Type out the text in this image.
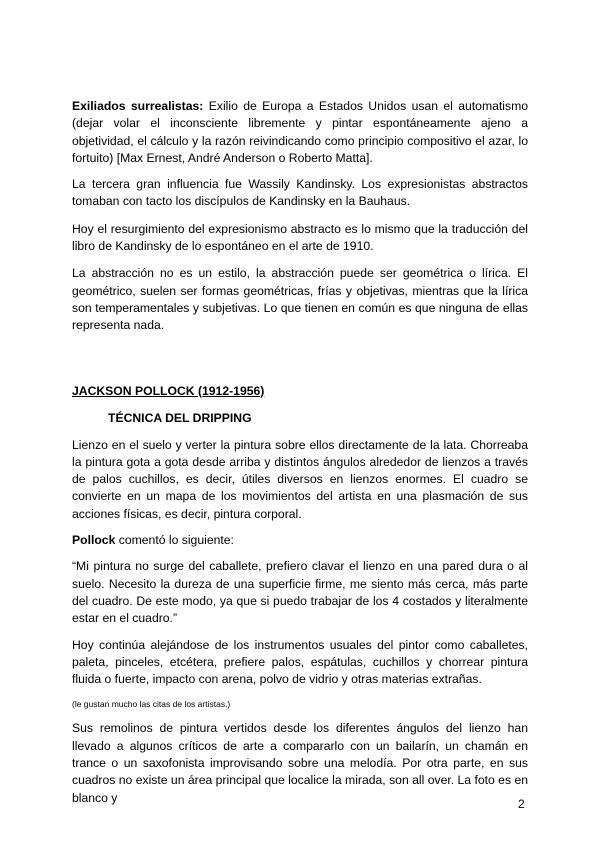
Exiliados surrealistas: Exilio de Europa a Estados Unidos usan el automatismo (dejar volar el inconsciente libremente y pintar espontáneamente ajeno a objetividad, el cálculo y la razón reivindicando como principio compositivo el azar, lo fortuito) [Max Ernest, André Anderson o Roberto Matta].

La tercera gran influencia fue Wassily Kandinsky. Los expresionistas abstractos tomaban con tacto los discípulos de Kandinsky en la Bauhaus.

Hoy el resurgimiento del expresionismo abstracto es lo mismo que la traducción del libro de Kandinsky de lo espontáneo en el arte de 1910.

La abstracción no es un estilo, la abstracción puede ser geométrica o lírica. El geométrico, suelen ser formas geométricas, frías y objetivas, mientras que la lírica son temperamentales y subjetivas. Lo que tienen en común es que ninguna de ellas representa nada.

JACKSON POLLOCK (1912-1956)

TÉCNICA DEL DRIPPING

Lienzo en el suelo y verter la pintura sobre ellos directamente de la lata. Chorreaba la pintura gota a gota desde arriba y distintos ángulos alrededor de lienzos a través de palos cuchillos, es decir, útiles diversos en lienzos enormes. El cuadro se convierte en un mapa de los movimientos del artista en una plasmación de sus acciones físicas, es decir, pintura corporal.

Pollock comentó lo siguiente:

“Mi pintura no surge del caballete, prefiero clavar el lienzo en una pared dura o al suelo. Necesito la dureza de una superficie firme, me siento más cerca, más parte del cuadro. De este modo, ya que si puedo trabajar de los 4 costados y literalmente estar en el cuadro.”

Hoy continúa alejándose de los instrumentos usuales del pintor como caballetes, paleta, pinceles, etcétera, prefiere palos, espátulas, cuchillos y chorrear pintura fluida o fuerte, impacto con arena, polvo de vidrio y otras materias extrañas.

(le gustan mucho las citas de los artistas.)

Sus remolinos de pintura vertidos desde los diferentes ángulos del lienzo han llevado a algunos críticos de arte a compararlo con un bailarín, un chamán en trance o un saxofonista improvisando sobre una melodía. Por otra parte, en sus cuadros no existe un área principal que localice la mirada, son all over. La foto es en blanco y	2
